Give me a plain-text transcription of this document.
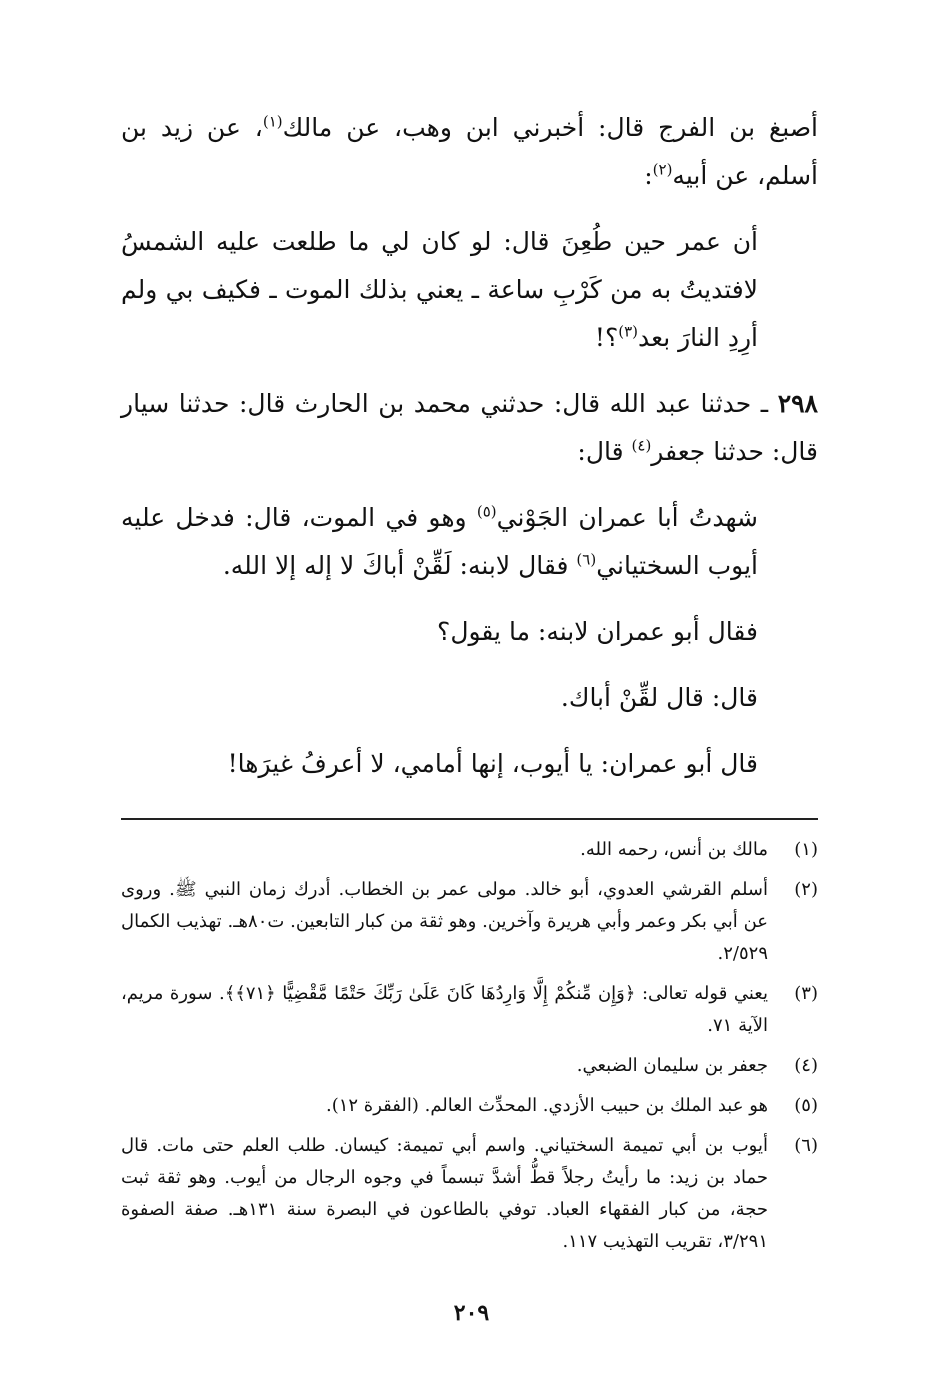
أصبغ بن الفرج قال: أخبرني ابن وهب، عن مالك$^{(١)}$، عن زيد بن أسلم، عن أبيه$^{(٢)}$:

أن عمر حين طُعِنَ قال: لو كان لي ما طلعت عليه الشمسُ لافتديتُ به من كَرْبِ ساعة ـ يعني بذلك الموت ـ فكيف بي ولم أرِدِ النارَ بعد$^{(٣)}$؟!

٢٩٨ ـ حدثنا عبد الله قال: حدثني محمد بن الحارث قال: حدثنا سيار قال: حدثنا جعفر$^{(٤)}$ قال:

شهدتُ أبا عمران الجَوْني$^{(٥)}$ وهو في الموت، قال: فدخل عليه أيوب السختياني$^{(٦)}$ فقال لابنه: لَقِّنْ أباكَ لا إله إلا الله.

فقال أبو عمران لابنه: ما يقول؟

قال: قال لقِّنْ أباك.

قال أبو عمران: يا أيوب، إنها أمامي، لا أعرفُ غيرَها!

(١)
مالك بن أنس، رحمه الله.
(٢)
أسلم القرشي العدوي، أبو خالد. مولى عمر بن الخطاب. أدرك زمان النبي ﷺ. وروى عن أبي بكر وعمر وأبي هريرة وآخرين. وهو ثقة من كبار التابعين. ت٨٠هـ. تهذيب الكمال ٢/٥٢٩.
(٣)
يعني قوله تعالى: ﴿وَإِن مِّنكُمْ إِلَّا وَارِدُهَا كَانَ عَلَىٰ رَبِّكَ حَتْمًا مَّقْضِيًّا ﴿٧١﴾﴾. سورة مريم، الآية ٧١.
(٤)
جعفر بن سليمان الضبعي.
(٥)
هو عبد الملك بن حبيب الأزدي. المحدِّث العالم. (الفقرة ١٢).
(٦)
أيوب بن أبي تميمة السختياني. واسم أبي تميمة: كيسان. طلب العلم حتى مات. قال حماد بن زيد: ما رأيتُ رجلاً قطُّ أشدَّ تبسماً في وجوه الرجال من أيوب. وهو ثقة ثبت حجة، من كبار الفقهاء العباد. توفي بالطاعون في البصرة سنة ١٣١هـ. صفة الصفوة ٣/٢٩١، تقريب التهذيب ١١٧.
٢٠٩
